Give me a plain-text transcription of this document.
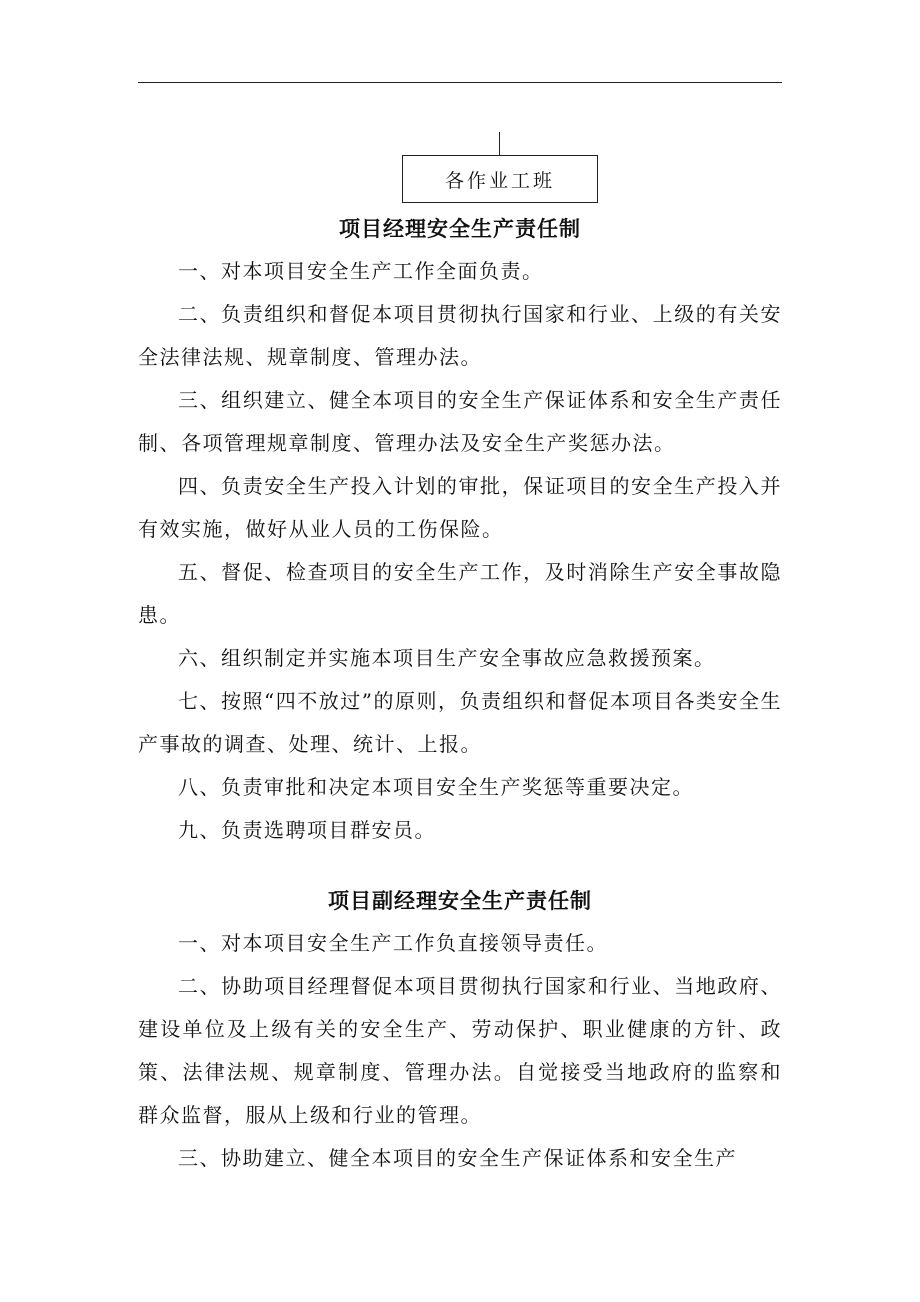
各作业工班
项目经理安全生产责任制

一、对本项目安全生产工作全面负责。

二、负责组织和督促本项目贯彻执行国家和行业、上级的有关安全法律法规、规章制度、管理办法。

三、组织建立、健全本项目的安全生产保证体系和安全生产责任制、各项管理规章制度、管理办法及安全生产奖惩办法。

四、负责安全生产投入计划的审批，保证项目的安全生产投入并有效实施，做好从业人员的工伤保险。

五、督促、检查项目的安全生产工作，及时消除生产安全事故隐患。

六、组织制定并实施本项目生产安全事故应急救援预案。

七、按照“四不放过”的原则，负责组织和督促本项目各类安全生产事故的调查、处理、统计、上报。

八、负责审批和决定本项目安全生产奖惩等重要决定。

九、负责选聘项目群安员。

项目副经理安全生产责任制

一、对本项目安全生产工作负直接领导责任。

二、协助项目经理督促本项目贯彻执行国家和行业、当地政府、建设单位及上级有关的安全生产、劳动保护、职业健康的方针、政策、法律法规、规章制度、管理办法。自觉接受当地政府的监察和群众监督，服从上级和行业的管理。

三、协助建立、健全本项目的安全生产保证体系和安全生产
